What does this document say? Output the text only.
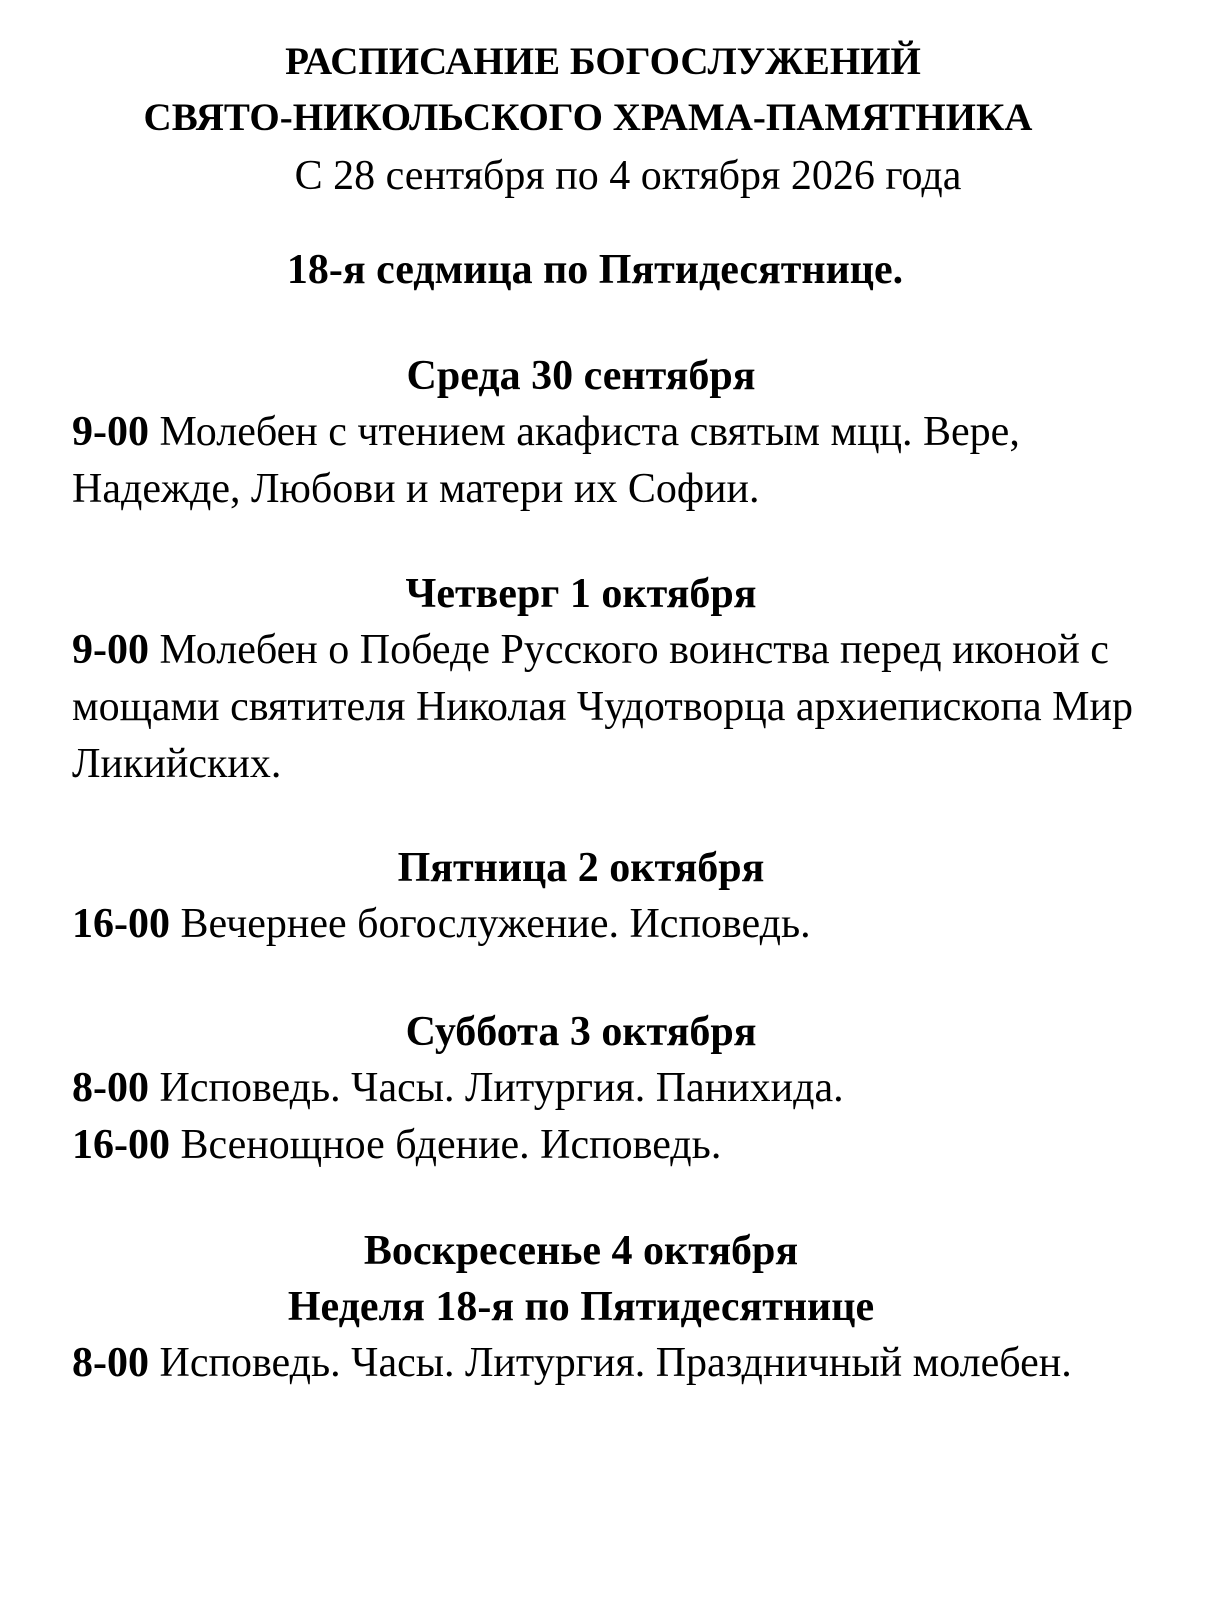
РАСПИСАНИЕ БОГОСЛУЖЕНИЙ

СВЯТО-НИКОЛЬСКОГО ХРАМА-ПАМЯТНИКА

С 28 сентября по 4 октября 2026 года

18-я седмица по Пятидесятнице.

Среда 30 сентября

9-00 Молебен с чтением акафиста святым мцц. Вере, Надежде, Любови и матери их Софии.

Четверг 1 октября

9-00 Молебен о Победе Русского воинства перед иконой с мощами святителя Николая Чудотворца архиепископа Мир Ликийских.

Пятница 2 октября

16-00 Вечернее богослужение. Исповедь.

Суббота 3 октября

8-00 Исповедь. Часы. Литургия. Панихида.

16-00 Всенощное бдение. Исповедь.

Воскресенье 4 октября

Неделя 18-я по Пятидесятнице

8-00 Исповедь. Часы. Литургия. Праздничный молебен.
